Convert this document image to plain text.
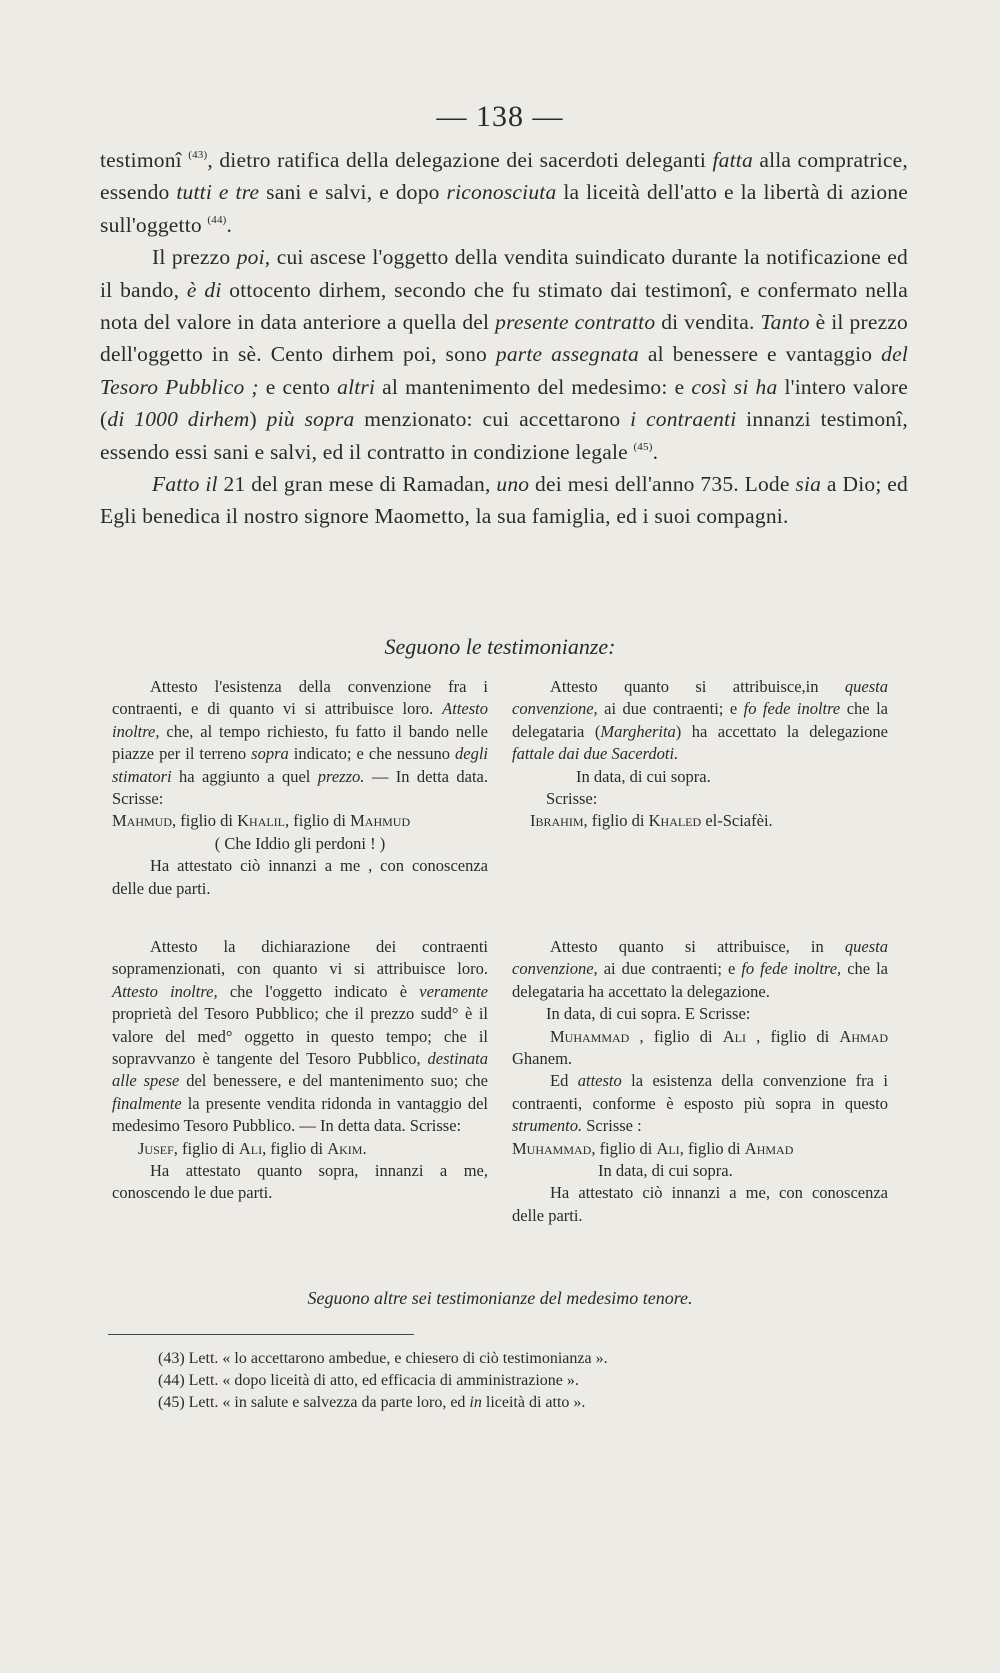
— 138 —

testimonî $^{(43)}$, dietro ratifica della delegazione dei sacerdoti deleganti fatta alla compratrice, essendo tutti e tre sani e salvi, e dopo riconosciuta la liceità dell'atto e la libertà di azione sull'oggetto $^{(44)}$.

Il prezzo poi, cui ascese l'oggetto della vendita suindicato durante la notificazione ed il bando, è di ottocento dirhem, secondo che fu stimato dai testimonî, e confermato nella nota del valore in data anteriore a quella del presente contratto di vendita. Tanto è il prezzo dell'oggetto in sè. Cento dirhem poi, sono parte assegnata al benessere e vantaggio del Tesoro Pubblico ; e cento altri al mantenimento del medesimo: e così si ha l'intero valore (di 1000 dirhem) più sopra menzionato: cui accettarono i contraenti innanzi testimonî, essendo essi sani e salvi, ed il contratto in condizione legale $^{(45)}$.

Fatto il 21 del gran mese di Ramadan, uno dei mesi dell'anno 735. Lode sia a Dio; ed Egli benedica il nostro signore Maometto, la sua famiglia, ed i suoi compagni.

Seguono le testimonianze:

Attesto l'esistenza della convenzione fra i contraenti, e di quanto vi si attribuisce loro. Attesto inoltre, che, al tempo richiesto, fu fatto il bando nelle piazze per il terreno sopra indicato; e che nessuno degli stimatori ha aggiunto a quel prezzo. — In detta data. Scrisse:

Mahmud, figlio di Khalil, figlio di Mahmud

( Che Iddio gli perdoni ! )

Ha attestato ciò innanzi a me , con conoscenza delle due parti.

Attesto quanto si attribuisce,in questa convenzione, ai due contraenti; e fo fede inoltre che la delegataria (Margherita) ha accettato la delegazione fattale dai due Sacerdoti.

In data, di cui sopra.

Scrisse:

Ibrahim, figlio di Khaled el-Sciafèi.

Attesto la dichiarazione dei contraenti sopramenzionati, con quanto vi si attribuisce loro. Attesto inoltre, che l'oggetto indicato è veramente proprietà del Tesoro Pubblico; che il prezzo sudd° è il valore del med° oggetto in questo tempo; che il sopravvanzo è tangente del Tesoro Pubblico, destinata alle spese del benessere, e del mantenimento suo; che finalmente la presente vendita ridonda in vantaggio del medesimo Tesoro Pubblico. — In detta data. Scrisse:

Jusef, figlio di Ali, figlio di Akim.

Ha attestato quanto sopra, innanzi a me, conoscendo le due parti.

Attesto quanto si attribuisce, in questa convenzione, ai due contraenti; e fo fede inoltre, che la delegataria ha accettato la delegazione.

In data, di cui sopra. E Scrisse:

Muhammad , figlio di Ali , figlio di Ahmad Ghanem.

Ed attesto la esistenza della convenzione fra i contraenti, conforme è esposto più sopra in questo strumento. Scrisse :

Muhammad, figlio di Ali, figlio di Ahmad

In data, di cui sopra.

Ha attestato ciò innanzi a me, con conoscenza delle parti.

Seguono altre sei testimonianze del medesimo tenore.
(43) Lett. « lo accettarono ambedue, e chiesero di ciò testimonianza ».
(44) Lett. « dopo liceità di atto, ed efficacia di amministrazione ».
(45) Lett. « in salute e salvezza da parte loro, ed in liceità di atto ».
